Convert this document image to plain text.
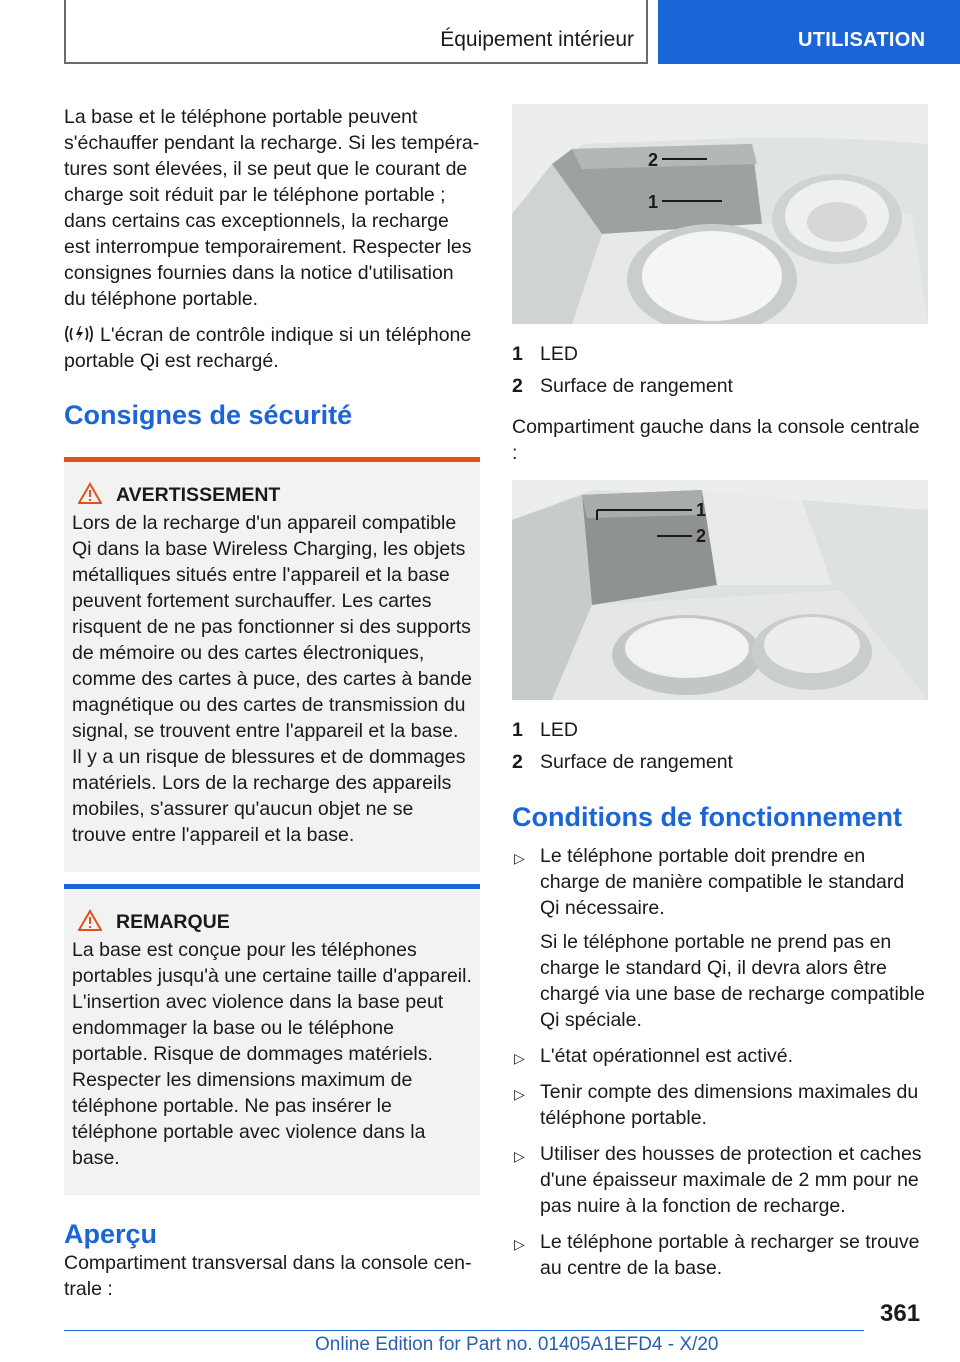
Équipement intérieur	UTILISATION

La base et le téléphone portable peuvent s'échauffer pendant la recharge. Si les températures sont élevées, il se peut que le courant de charge soit réduit par le téléphone portable ; dans certains cas exceptionnels, la recharge est interrompue temporairement. Respecter les consignes fournies dans la notice d'utilisation du téléphone portable.

L'écran de contrôle indique si un téléphone portable Qi est rechargé.

Consignes de sécurité
AVERTISSEMENT
Lors de la recharge d'un appareil compatible Qi dans la base Wireless Charging, les objets métalliques situés entre l'appareil et la base peuvent fortement surchauffer. Les cartes risquent de ne pas fonctionner si des supports de mémoire ou des cartes électroniques, comme des cartes à puce, des cartes à bande magnétique ou des cartes de transmission du signal, se trouvent entre l'appareil et la base. Il y a un risque de blessures et de dommages matériels. Lors de la recharge des appareils mobiles, s'assurer qu'aucun objet ne se trouve entre l'appareil et la base.
REMARQUE
La base est conçue pour les téléphones portables jusqu'à une certaine taille d'appareil. L'insertion avec violence dans la base peut endommager la base ou le téléphone portable. Risque de dommages matériels. Respecter les dimensions maximum de téléphone portable. Ne pas insérer le téléphone portable avec violence dans la base.
Aperçu

Compartiment transversal dans la console centrale :

2
1
1 LED
2 Surface de rangement

Compartiment gauche dans la console centrale :

1
2
1 LED
2 Surface de rangement
Conditions de fonctionnement
▷ Le téléphone portable doit prendre en charge de manière compatible le standard Qi nécessaire.
Si le téléphone portable ne prend pas en charge le standard Qi, il devra alors être chargé via une base de recharge compatible Qi spéciale.
▷ L'état opérationnel est activé.
▷ Tenir compte des dimensions maximales du téléphone portable.
▷ Utiliser des housses de protection et caches d'une épaisseur maximale de 2 mm pour ne pas nuire à la fonction de recharge.
▷ Le téléphone portable à recharger se trouve au centre de la base.
361
Online Edition for Part no. 01405A1EFD4 - X/20
